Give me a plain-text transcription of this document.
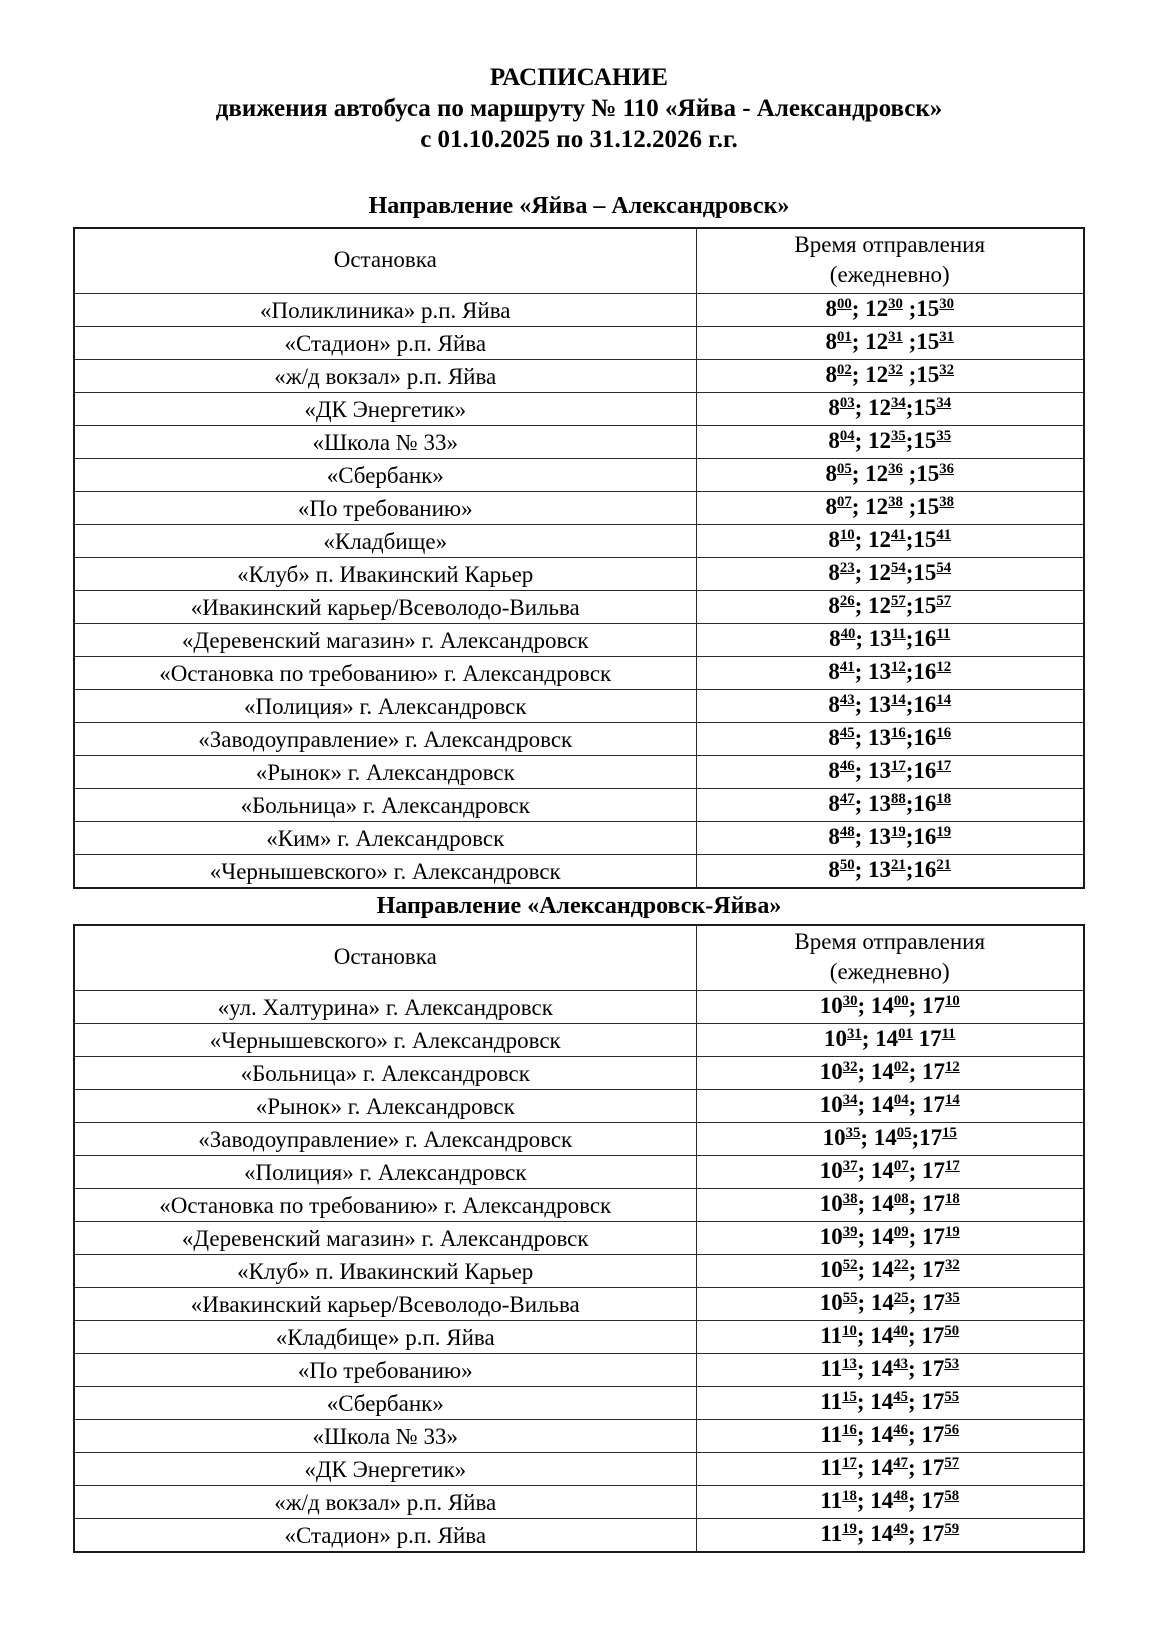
РАСПИСАНИЕ
движения автобуса по маршруту № 110 «Яйва - Александровск»
с 01.10.2025 по 31.12.2026 г.г.
Направление «Яйва – Александровск»
Остановка	Время отправления
(ежедневно)

«Поликлиника» р.п. Яйва	$8^{00}$; $12^{30}$ $;15^{30}$
«Стадион» р.п. Яйва	$8^{01}$; $12^{31}$ $;15^{31}$
«ж/д вокзал» р.п. Яйва	$8^{02}$; $12^{32}$ $;15^{32}$
«ДК Энергетик»	$8^{03}$; $12^{34};15^{34}$
«Школа № 33»	$8^{04}$; $12^{35};15^{35}$
«Сбербанк»	$8^{05}$; $12^{36}$ $;15^{36}$
«По требованию»	$8^{07}$; $12^{38}$ $;15^{38}$
«Кладбище»	$8^{10}$; $12^{41};15^{41}$
«Клуб» п. Ивакинский Карьер	$8^{23}$; $12^{54};15^{54}$
«Ивакинский карьер/Всеволодо-Вильва	$8^{26}$; $12^{57};15^{57}$
«Деревенский магазин» г. Александровск	$8^{40}$; $13^{11};16^{11}$
«Остановка по требованию» г. Александровск	$8^{41}$; $13^{12};16^{12}$
«Полиция» г. Александровск	$8^{43}$; $13^{14};16^{14}$
«Заводоуправление» г. Александровск	$8^{45}$; $13^{16};16^{16}$
«Рынок» г. Александровск	$8^{46}$; $13^{17};16^{17}$
«Больница» г. Александровск	$8^{47}$; $13^{88};16^{18}$
«Ким» г. Александровск	$8^{48}$; $13^{19};16^{19}$
«Чернышевского» г. Александровск	$8^{50}$; $13^{21};16^{21}$
Направление «Александровск-Яйва»
Остановка	Время отправления
(ежедневно)

«ул. Халтурина» г. Александровск	$10^{30}$; $14^{00}$; $17^{10}$
«Чернышевского» г. Александровск	$10^{31}$; $14^{01}$ $17^{11}$
«Больница» г. Александровск	$10^{32}$; $14^{02}$; $17^{12}$
«Рынок» г. Александровск	$10^{34}$; $14^{04}$; $17^{14}$
«Заводоуправление» г. Александровск	$10^{35}$; $14^{05};17^{15}$
«Полиция» г. Александровск	$10^{37}$; $14^{07}$; $17^{17}$
«Остановка по требованию» г. Александровск	$10^{38}$; $14^{08}$; $17^{18}$
«Деревенский магазин» г. Александровск	$10^{39}$; $14^{09}$; $17^{19}$
«Клуб» п. Ивакинский Карьер	$10^{52}$; $14^{22}$; $17^{32}$
«Ивакинский карьер/Всеволодо-Вильва	$10^{55}$; $14^{25}$; $17^{35}$
«Кладбище» р.п. Яйва	$11^{10}$; $14^{40}$; $17^{50}$
«По требованию»	$11^{13}$; $14^{43}$; $17^{53}$
«Сбербанк»	$11^{15}$; $14^{45}$; $17^{55}$
«Школа № 33»	$11^{16}$; $14^{46}$; $17^{56}$
«ДК Энергетик»	$11^{17}$; $14^{47}$; $17^{57}$
«ж/д вокзал» р.п. Яйва	$11^{18}$; $14^{48}$; $17^{58}$
«Стадион» р.п. Яйва	$11^{19}$; $14^{49}$; $17^{59}$
